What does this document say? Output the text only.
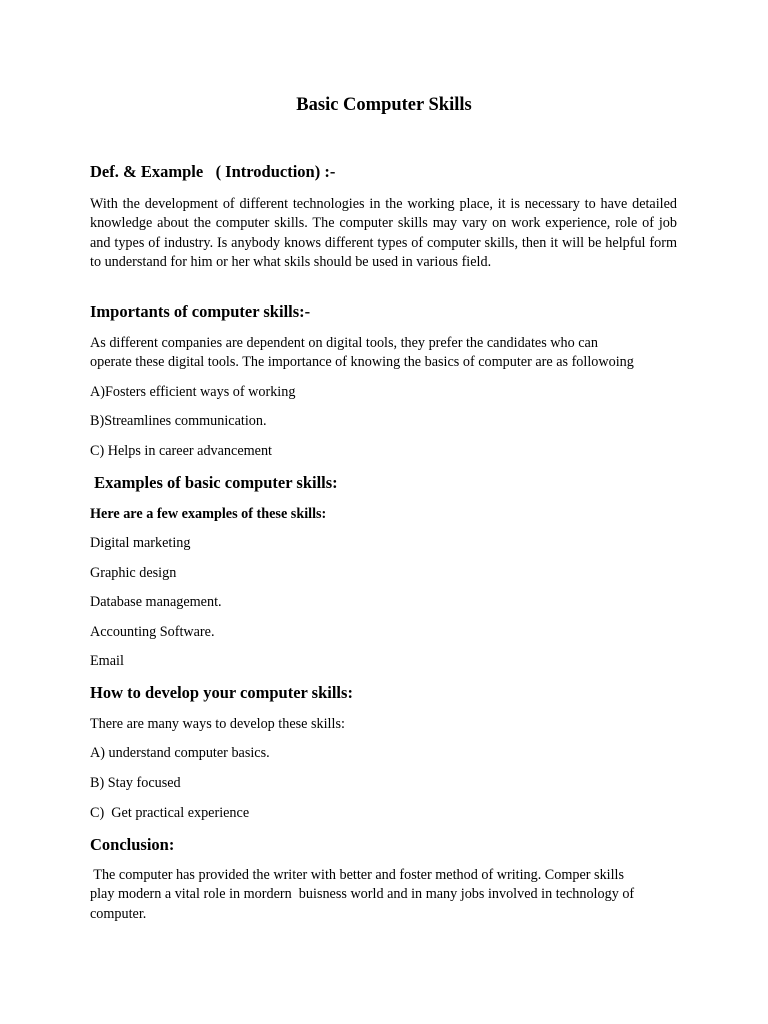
Basic Computer Skills
Def. & Example   ( Introduction) :-

With the development of different technologies in the working place, it is necessary to have detailed knowledge about the computer skills. The computer skills may vary on work experience, role of job and types of industry. Is anybody knows different types of computer skills, then it will be helpful form to understand for him or her what skils should be used in various field.

Importants of computer skills:-

As different companies are dependent on digital tools, they prefer the candidates who can
operate these digital tools. The importance of knowing the basics of computer are as followoing

A)Fosters efficient ways of working

B)Streamlines communication.

C) Helps in career advancement

Examples of basic computer skills:

Here are a few examples of these skills:

Digital marketing

Graphic design

Database management.

Accounting Software.

Email

How to develop your computer skills:

There are many ways to develop these skills:

A) understand computer basics.

B) Stay focused

C)  Get practical experience

Conclusion:

The computer has provided the writer with better and foster method of writing. Comper skills
play modern a vital role in mordern  buisness world and in many jobs involved in technology of
computer.
